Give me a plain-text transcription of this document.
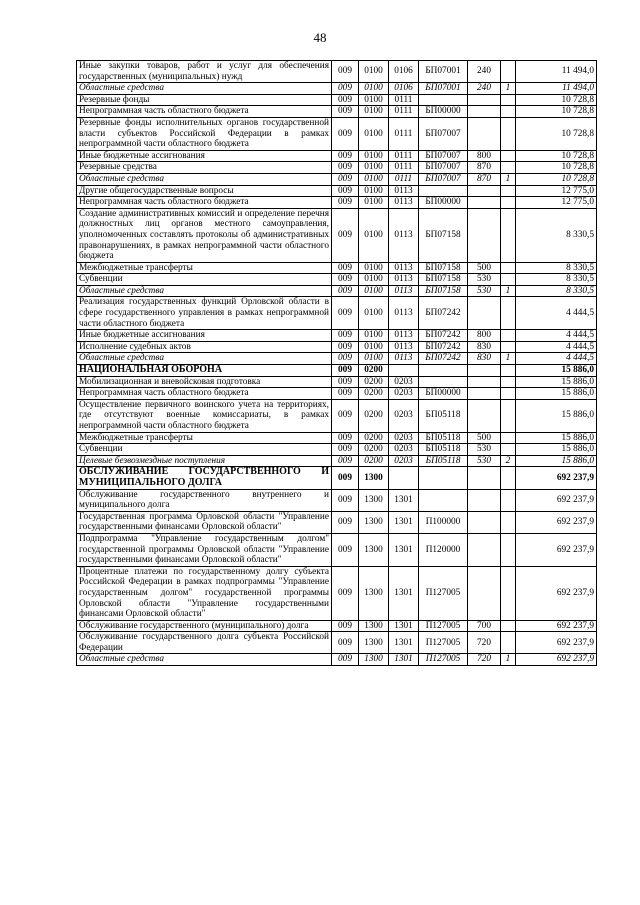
48
Иные закупки товаров, работ и услуг для обеспечения государственных (муниципальных) нужд	009	0100	0106	БП07001	240		11 494,0
Областные средства	009	0100	0106	БП07001	240	1	11 494,0
Резервные фонды	009	0100	0111				10 728,8
Непрограммная часть областного бюджета	009	0100	0111	БП00000			10 728,8
Резервные фонды исполнительных органов государственной власти субъектов Российской Федерации в рамках непрограммной части областного бюджета	009	0100	0111	БП07007			10 728,8
Иные бюджетные ассигнования	009	0100	0111	БП07007	800		10 728,8
Резервные средства	009	0100	0111	БП07007	870		10 728,8
Областные средства	009	0100	0111	БП07007	870	1	10 728,8
Другие общегосударственные вопросы	009	0100	0113				12 775,0
Непрограммная часть областного бюджета	009	0100	0113	БП00000			12 775,0
Создание административных комиссий и определение перечня должностных лиц органов местного самоуправления, уполномоченных составлять протоколы об административных правонарушениях, в рамках непрограммной части областного бюджета	009	0100	0113	БП07158			8 330,5
Межбюджетные трансферты	009	0100	0113	БП07158	500		8 330,5
Субвенции	009	0100	0113	БП07158	530		8 330,5
Областные средства	009	0100	0113	БП07158	530	1	8 330,5
Реализация государственных функций Орловской области в сфере государственного управления в рамках непрограммной части областного бюджета	009	0100	0113	БП07242			4 444,5
Иные бюджетные ассигнования	009	0100	0113	БП07242	800		4 444,5
Исполнение судебных актов	009	0100	0113	БП07242	830		4 444,5
Областные средства	009	0100	0113	БП07242	830	1	4 444,5
НАЦИОНАЛЬНАЯ ОБОРОНА	009	0200					15 886,0
Мобилизационная и вневойсковая подготовка	009	0200	0203				15 886,0
Непрограммная часть областного бюджета	009	0200	0203	БП00000			15 886,0
Осуществление первичного воинского учета на территориях, где отсутствуют военные комиссариаты, в рамках непрограммной части областного бюджета	009	0200	0203	БП05118			15 886,0
Межбюджетные трансферты	009	0200	0203	БП05118	500		15 886,0
Субвенции	009	0200	0203	БП05118	530		15 886,0
Целевые безвозмездные поступления	009	0200	0203	БП05118	530	2	15 886,0
ОБСЛУЖИВАНИЕ ГОСУДАРСТВЕННОГО И МУНИЦИПАЛЬНОГО ДОЛГА	009	1300					692 237,9
Обслуживание государственного внутреннего и муниципального долга	009	1300	1301				692 237,9
Государственная программа Орловской области "Управление государственными финансами Орловской области"	009	1300	1301	П100000			692 237,9
Подпрограмма "Управление государственным долгом" государственной программы Орловской области "Управление государственными финансами Орловской области"	009	1300	1301	П120000			692 237,9
Процентные платежи по государственному долгу субъекта Российской Федерации в рамках подпрограммы "Управление государственным долгом" государственной программы Орловской области "Управление государственными финансами Орловской области"	009	1300	1301	П127005			692 237,9
Обслуживание государственного (муниципального) долга	009	1300	1301	П127005	700		692 237,9
Обслуживание государственного долга субъекта Российской Федерации	009	1300	1301	П127005	720		692 237,9
Областные средства	009	1300	1301	П127005	720	1	692 237,9
